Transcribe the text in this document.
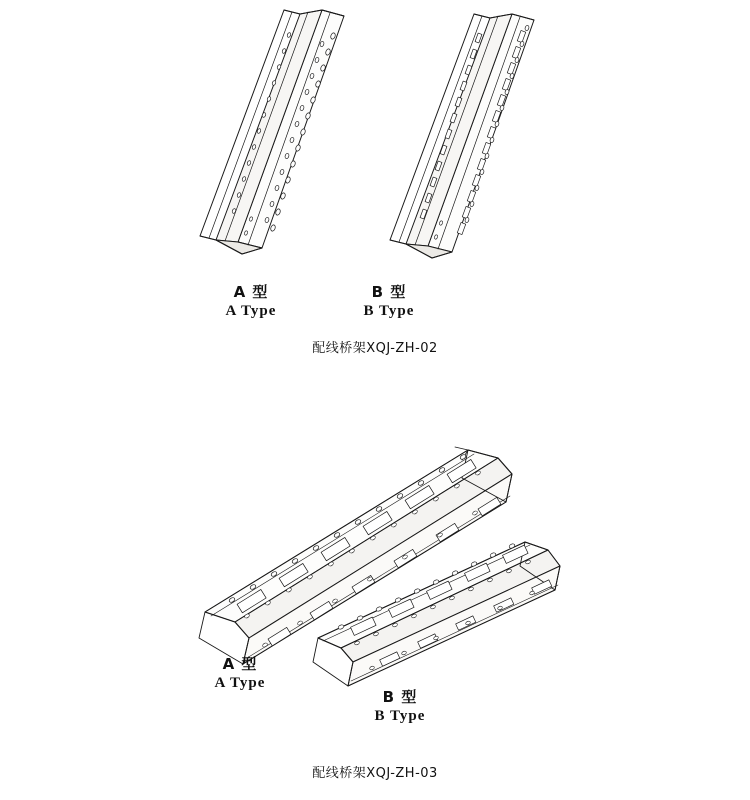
A 型
A Type
B 型
B Type
配线桥架XQJ-ZH-02
A 型
A Type
B 型
B Type
配线桥架XQJ-ZH-03
